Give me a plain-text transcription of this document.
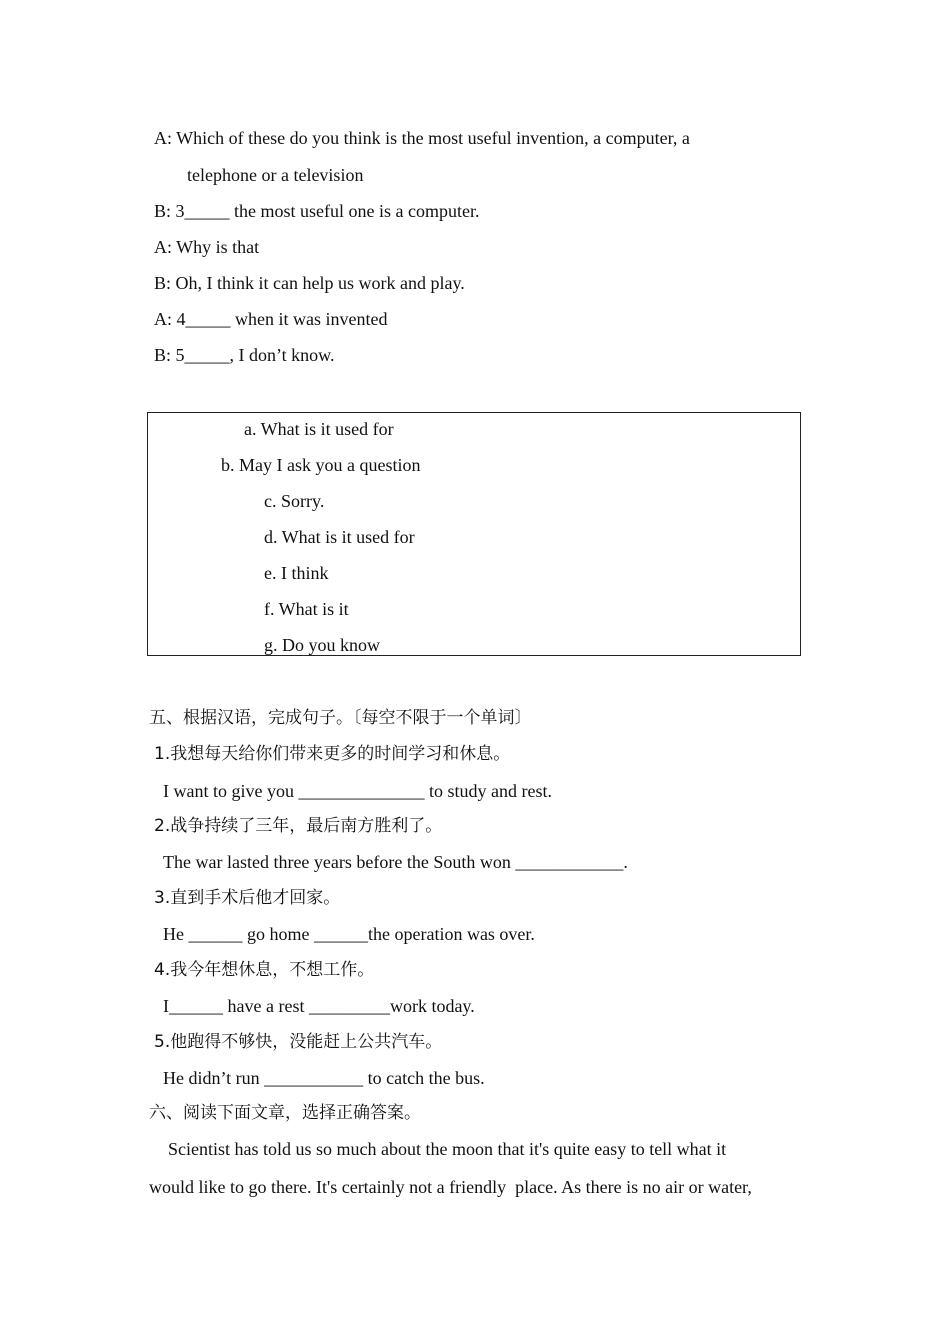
A: Which of these do you think is the most useful invention, a computer, a
telephone or a television
B: 3_____ the most useful one is a computer.
A: Why is that
B: Oh, I think it can help us work and play.
A: 4_____ when it was invented
B: 5_____, I don’t know.
a. What is it used for
b. May I ask you a question
c. Sorry.
d. What is it used for
e. I think
f. What is it
g. Do you know
五、根据汉语，完成句子。〔每空不限于一个单词〕
1.我想每天给你们带来更多的时间学习和休息。
I want to give you ______________ to study and rest.
2.战争持续了三年，最后南方胜利了。
The war lasted three years before the South won ____________.
3.直到手术后他才回家。
He ______ go home ______the operation was over.
4.我今年想休息，不想工作。
I______ have a rest _________work today.
5.他跑得不够快，没能赶上公共汽车。
He didn’t run ___________ to catch the bus.
六、阅读下面文章，选择正确答案。
Scientist has told us so much about the moon that it's quite easy to tell what it
would like to go there. It's certainly not a friendly  place. As there is no air or water,
